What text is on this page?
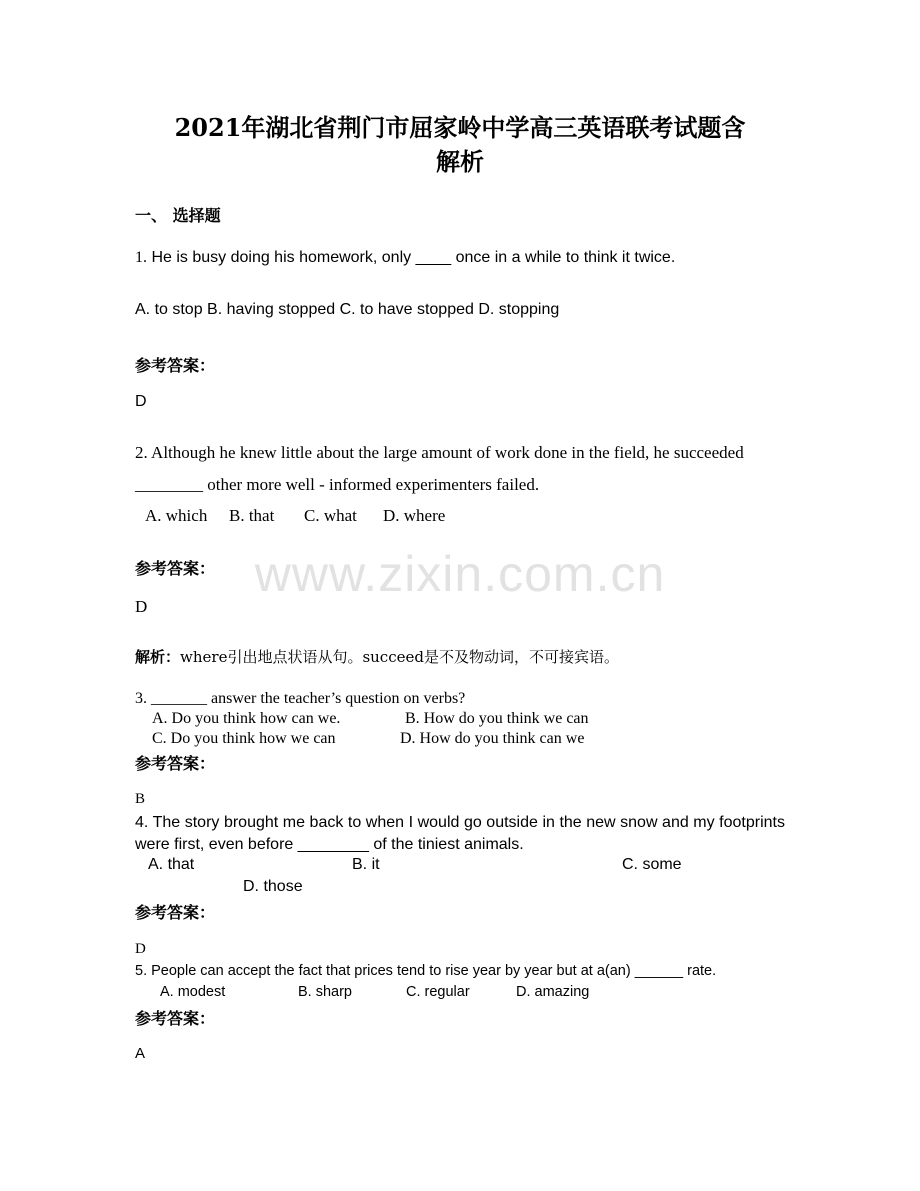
www.zixin.com.cn
2021年湖北省荆门市屈家岭中学高三英语联考试题含
解析
一、 选择题
1. He is busy doing his homework, only ____ once in a while to think it twice.
A. to stop B. having stopped C. to have stopped D. stopping
参考答案：
D
2. Although he knew little about the large amount of work done in the field, he succeeded
________ other more well - informed experimenters failed.
A. which B. that C. what D. where
参考答案：
D
解析：where引出地点状语从句。succeed是不及物动词，不可接宾语。
3. _______ answer the teacher’s question on verbs?
A. Do you think how can we.	B. How do you think we can
C. Do you think how we can	D. How do you think can we
参考答案：
B
4. The story brought me back to when I would go outside in the new snow and my footprints were first, even before ________ of the tiniest animals.
A. that	B. it	C. some
D. those
参考答案：
D
5. People can accept the fact that prices tend to rise year by year but at a(an) ______ rate.
A. modest	B. sharp	C. regular	D. amazing
参考答案：
A
